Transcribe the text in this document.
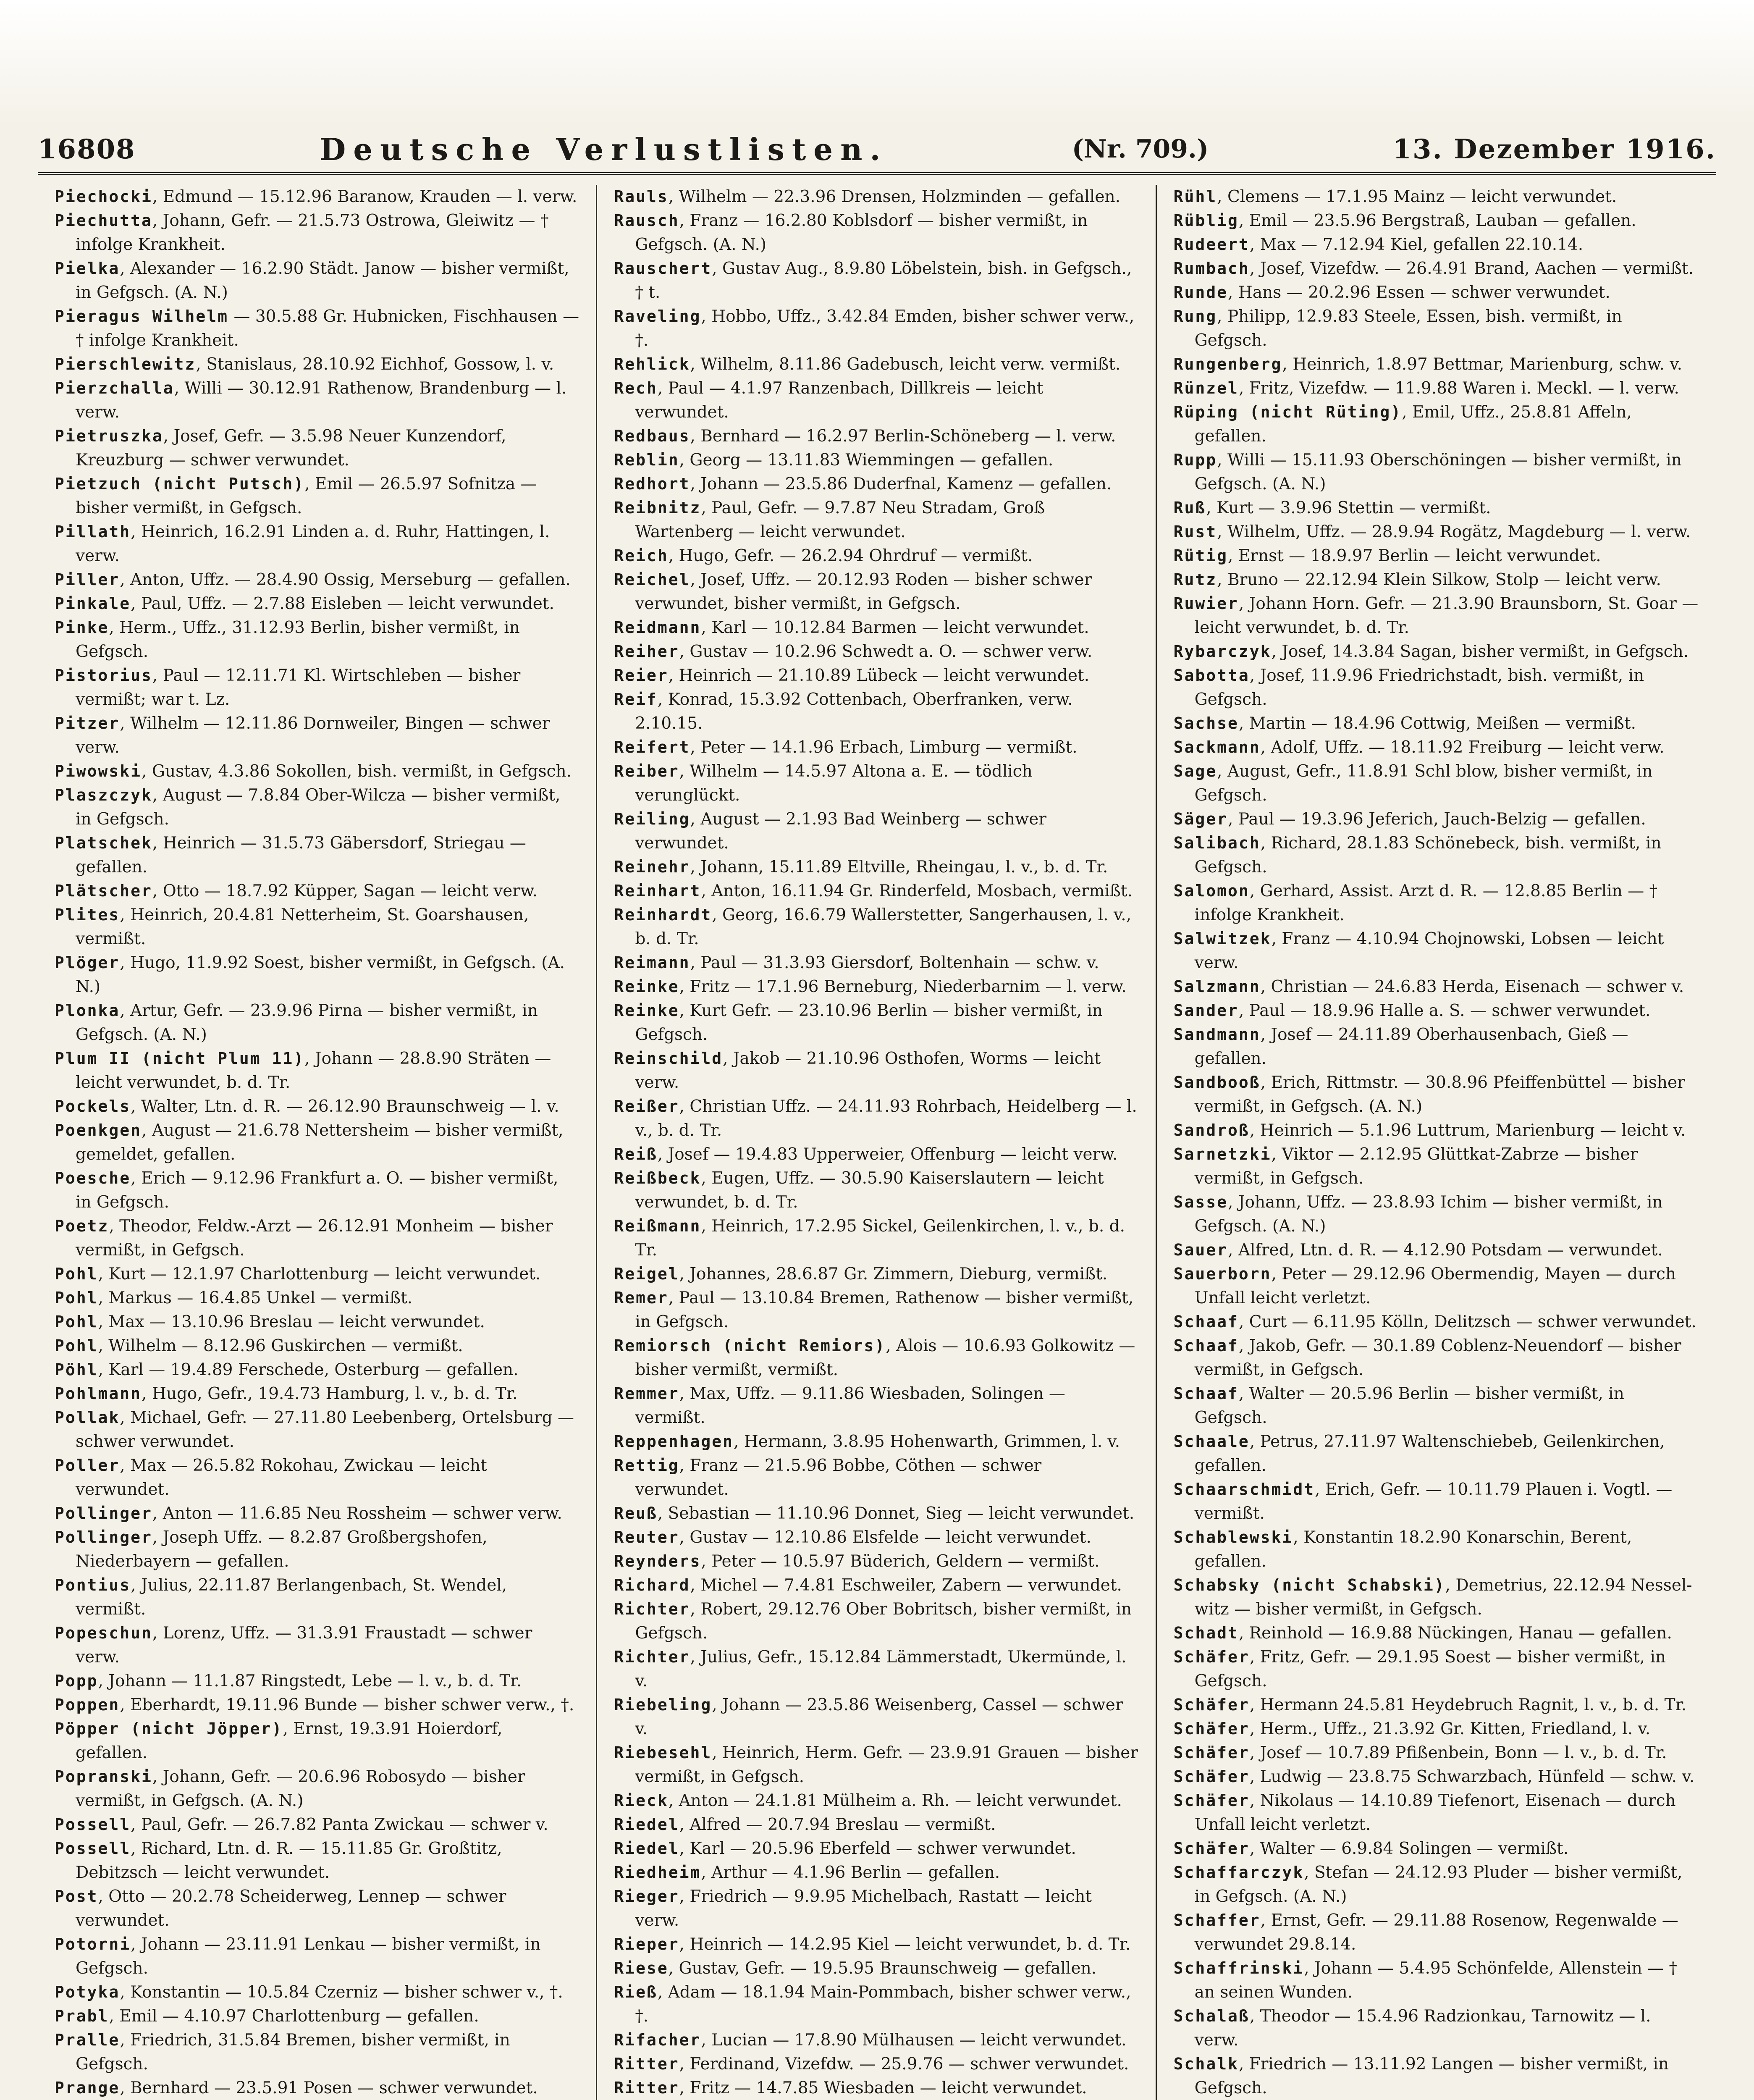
16808	Deutsche Verlustlisten.	(Nr. 709.)	13. Dezember 1916.

Piechocki, Edmund — 15.12.96 Baranow, Krauden — l. verw.

Piechutta, Johann, Gefr. — 21.5.73 Ostrowa, Gleiwitz — † infolge Krankheit.

Pielka, Alexander — 16.2.90 Städt. Janow — bisher vermißt, in Gefgsch. (A. N.)

Pieragus Wilhelm — 30.5.88 Gr. Hubnicken, Fischhausen — † infolge Krankheit.

Pierschlewitz, Stanislaus, 28.10.92 Eichhof, Gossow, l. v.

Pierzchalla, Willi — 30.12.91 Rathenow, Brandenburg — l. verw.

Pietruszka, Josef, Gefr. — 3.5.98 Neuer Kunzendorf, Kreuzburg — schwer verwundet.

Pietzuch (nicht Putsch), Emil — 26.5.97 Sofnitza — bisher vermißt, in Gefgsch.

Pillath, Heinrich, 16.2.91 Linden a. d. Ruhr, Hattingen, l. verw.

Piller, Anton, Uffz. — 28.4.90 Ossig, Merseburg — gefallen.

Pinkale, Paul, Uffz. — 2.7.88 Eisleben — leicht verwundet.

Pinke, Herm., Uffz., 31.12.93 Berlin, bisher vermißt, in Gefgsch.

Pistorius, Paul — 12.11.71 Kl. Wirtschleben — bisher vermißt; war t. Lz.

Pitzer, Wilhelm — 12.11.86 Dornweiler, Bingen — schwer verw.

Piwowski, Gustav, 4.3.86 Sokollen, bish. vermißt, in Gefgsch.

Plaszczyk, August — 7.8.84 Ober-Wilcza — bisher vermißt, in Gefgsch.

Platschek, Heinrich — 31.5.73 Gäbersdorf, Striegau — gefallen.

Plätscher, Otto — 18.7.92 Küpper, Sagan — leicht verw.

Plites, Heinrich, 20.4.81 Netterheim, St. Goarshausen, vermißt.

Plöger, Hugo, 11.9.92 Soest, bisher vermißt, in Gefgsch. (A. N.)

Plonka, Artur, Gefr. — 23.9.96 Pirna — bisher vermißt, in Gefgsch. (A. N.)

Plum II (nicht Plum 11), Johann — 28.8.90 Sträten — leicht verwundet, b. d. Tr.

Pockels, Walter, Ltn. d. R. — 26.12.90 Braunschweig — l. v.

Poenkgen, August — 21.6.78 Nettersheim — bisher vermißt, gemeldet, gefallen.

Poesche, Erich — 9.12.96 Frankfurt a. O. — bisher vermißt, in Gefgsch.

Poetz, Theodor, Feldw.-Arzt — 26.12.91 Monheim — bisher vermißt, in Gefgsch.

Pohl, Kurt — 12.1.97 Charlottenburg — leicht verwundet.

Pohl, Markus — 16.4.85 Unkel — vermißt.

Pohl, Max — 13.10.96 Breslau — leicht verwundet.

Pohl, Wilhelm — 8.12.96 Guskirchen — vermißt.

Pöhl, Karl — 19.4.89 Ferschede, Osterburg — gefallen.

Pohlmann, Hugo, Gefr., 19.4.73 Hamburg, l. v., b. d. Tr.

Pollak, Michael, Gefr. — 27.11.80 Leebenberg, Ortelsburg — schwer verwundet.

Poller, Max — 26.5.82 Rokohau, Zwickau — leicht verwundet.

Pollinger, Anton — 11.6.85 Neu Rossheim — schwer verw.

Pollinger, Joseph Uffz. — 8.2.87 Großbergshofen, Niederbayern — gefallen.

Pontius, Julius, 22.11.87 Berlangenbach, St. Wendel, vermißt.

Popeschun, Lorenz, Uffz. — 31.3.91 Fraustadt — schwer verw.

Popp, Johann — 11.1.87 Ringstedt, Lebe — l. v., b. d. Tr.

Poppen, Eberhardt, 19.11.96 Bunde — bisher schwer verw., †.

Pöpper (nicht Jöpper), Ernst, 19.3.91 Hoierdorf, gefallen.

Popranski, Johann, Gefr. — 20.6.96 Robosydo — bisher vermißt, in Gefgsch. (A. N.)

Possell, Paul, Gefr. — 26.7.82 Panta Zwickau — schwer v.

Possell, Richard, Ltn. d. R. — 15.11.85 Gr. Großtitz, Debitzsch — leicht verwundet.

Post, Otto — 20.2.78 Scheiderweg, Lennep — schwer verwundet.

Potorni, Johann — 23.11.91 Lenkau — bisher vermißt, in Gefgsch.

Potyka, Konstantin — 10.5.84 Czerniz — bisher schwer v., †.

Prabl, Emil — 4.10.97 Charlottenburg — gefallen.

Pralle, Friedrich, 31.5.84 Bremen, bisher vermißt, in Gefgsch.

Prange, Bernhard — 23.5.91 Posen — schwer verwundet.

Rauls, Wilhelm — 22.3.96 Drensen, Holzminden — gefallen.

Rausch, Franz — 16.2.80 Koblsdorf — bisher vermißt, in Gefgsch. (A. N.)

Rauschert, Gustav Aug., 8.9.80 Löbelstein, bish. in Gefgsch., † t.

Raveling, Hobbo, Uffz., 3.42.84 Emden, bisher schwer verw., †.

Rehlick, Wilhelm, 8.11.86 Gadebusch, leicht verw. vermißt.

Rech, Paul — 4.1.97 Ranzenbach, Dillkreis — leicht verwundet.

Redbaus, Bernhard — 16.2.97 Berlin-Schöneberg — l. verw.

Reblin, Georg — 13.11.83 Wiemmingen — gefallen.

Redhort, Johann — 23.5.86 Duderfnal, Kamenz — gefallen.

Reibnitz, Paul, Gefr. — 9.7.87 Neu Stradam, Groß Wartenberg — leicht verwundet.

Reich, Hugo, Gefr. — 26.2.94 Ohrdruf — vermißt.

Reichel, Josef, Uffz. — 20.12.93 Roden — bisher schwer verwundet, bisher vermißt, in Gefgsch.

Reidmann, Karl — 10.12.84 Barmen — leicht verwundet.

Reiher, Gustav — 10.2.96 Schwedt a. O. — schwer verw.

Reier, Heinrich — 21.10.89 Lübeck — leicht verwundet.

Reif, Konrad, 15.3.92 Cottenbach, Oberfranken, verw. 2.10.15.

Reifert, Peter — 14.1.96 Erbach, Limburg — vermißt.

Reiber, Wilhelm — 14.5.97 Altona a. E. — tödlich verunglückt.

Reiling, August — 2.1.93 Bad Weinberg — schwer verwundet.

Reinehr, Johann, 15.11.89 Eltville, Rheingau, l. v., b. d. Tr.

Reinhart, Anton, 16.11.94 Gr. Rinderfeld, Mosbach, vermißt.

Reinhardt, Georg, 16.6.79 Wallerstetter, Sangerhausen, l. v., b. d. Tr.

Reimann, Paul — 31.3.93 Giersdorf, Boltenhain — schw. v.

Reinke, Fritz — 17.1.96 Berneburg, Niederbarnim — l. verw.

Reinke, Kurt Gefr. — 23.10.96 Berlin — bisher vermißt, in Gefgsch.

Reinschild, Jakob — 21.10.96 Osthofen, Worms — leicht verw.

Reißer, Christian Uffz. — 24.11.93 Rohrbach, Heidelberg — l. v., b. d. Tr.

Reiß, Josef — 19.4.83 Upperweier, Offenburg — leicht verw.

Reißbeck, Eugen, Uffz. — 30.5.90 Kaiserslautern — leicht verwundet, b. d. Tr.

Reißmann, Heinrich, 17.2.95 Sickel, Geilenkirchen, l. v., b. d. Tr.

Reigel, Johannes, 28.6.87 Gr. Zimmern, Dieburg, vermißt.

Remer, Paul — 13.10.84 Bremen, Rathenow — bisher vermißt, in Gefgsch.

Remiorsch (nicht Remiors), Alois — 10.6.93 Golkowitz — bisher vermißt, vermißt.

Remmer, Max, Uffz. — 9.11.86 Wiesbaden, Solingen — vermißt.

Reppenhagen, Hermann, 3.8.95 Hohenwarth, Grimmen, l. v.

Rettig, Franz — 21.5.96 Bobbe, Cöthen — schwer verwundet.

Reuß, Sebastian — 11.10.96 Donnet, Sieg — leicht verwundet.

Reuter, Gustav — 12.10.86 Elsfelde — leicht verwundet.

Reynders, Peter — 10.5.97 Büderich, Geldern — vermißt.

Richard, Michel — 7.4.81 Eschweiler, Zabern — verwundet.

Richter, Robert, 29.12.76 Ober Bobritsch, bisher vermißt, in Gefgsch.

Richter, Julius, Gefr., 15.12.84 Lämmerstadt, Ukermünde, l. v.

Riebeling, Johann — 23.5.86 Weisenberg, Cassel — schwer v.

Riebesehl, Heinrich, Herm. Gefr. — 23.9.91 Grauen — bisher vermißt, in Gefgsch.

Rieck, Anton — 24.1.81 Mülheim a. Rh. — leicht verwundet.

Riedel, Alfred — 20.7.94 Breslau — vermißt.

Riedel, Karl — 20.5.96 Eberfeld — schwer verwundet.

Riedheim, Arthur — 4.1.96 Berlin — gefallen.

Rieger, Friedrich — 9.9.95 Michelbach, Rastatt — leicht verw.

Rieper, Heinrich — 14.2.95 Kiel — leicht verwundet, b. d. Tr.

Riese, Gustav, Gefr. — 19.5.95 Braunschweig — gefallen.

Rieß, Adam — 18.1.94 Main-Pommbach, bisher schwer verw., †.

Rifacher, Lucian — 17.8.90 Mülhausen — leicht verwundet.

Ritter, Ferdinand, Vizefdw. — 25.9.76 — schwer verwundet.

Ritter, Fritz — 14.7.85 Wiesbaden — leicht verwundet.

Rühl, Clemens — 17.1.95 Mainz — leicht verwundet.

Rüblig, Emil — 23.5.96 Bergstraß, Lauban — gefallen.

Rudeert, Max — 7.12.94 Kiel, gefallen 22.10.14.

Rumbach, Josef, Vizefdw. — 26.4.91 Brand, Aachen — vermißt.

Runde, Hans — 20.2.96 Essen — schwer verwundet.

Rung, Philipp, 12.9.83 Steele, Essen, bish. vermißt, in Gefgsch.

Rungenberg, Heinrich, 1.8.97 Bettmar, Marienburg, schw. v.

Rünzel, Fritz, Vizefdw. — 11.9.88 Waren i. Meckl. — l. verw.

Rüping (nicht Rüting), Emil, Uffz., 25.8.81 Affeln, gefallen.

Rupp, Willi — 15.11.93 Oberschöningen — bisher vermißt, in Gefgsch. (A. N.)

Ruß, Kurt — 3.9.96 Stettin — vermißt.

Rust, Wilhelm, Uffz. — 28.9.94 Rogätz, Magdeburg — l. verw.

Rütig, Ernst — 18.9.97 Berlin — leicht verwundet.

Rutz, Bruno — 22.12.94 Klein Silkow, Stolp — leicht verw.

Ruwier, Johann Horn. Gefr. — 21.3.90 Braunsborn, St. Goar — leicht verwundet, b. d. Tr.

Rybarczyk, Josef, 14.3.84 Sagan, bisher vermißt, in Gefgsch.

Sabotta, Josef, 11.9.96 Friedrichstadt, bish. vermißt, in Gefgsch.

Sachse, Martin — 18.4.96 Cottwig, Meißen — vermißt.

Sackmann, Adolf, Uffz. — 18.11.92 Freiburg — leicht verw.

Sage, August, Gefr., 11.8.91 Schl blow, bisher vermißt, in Gefgsch.

Säger, Paul — 19.3.96 Jeferich, Jauch-Belzig — gefallen.

Salibach, Richard, 28.1.83 Schönebeck, bish. vermißt, in Gefgsch.

Salomon, Gerhard, Assist. Arzt d. R. — 12.8.85 Berlin — † infolge Krankheit.

Salwitzek, Franz — 4.10.94 Chojnowski, Lobsen — leicht verw.

Salzmann, Christian — 24.6.83 Herda, Eisenach — schwer v.

Sander, Paul — 18.9.96 Halle a. S. — schwer verwundet.

Sandmann, Josef — 24.11.89 Oberhausenbach, Gieß — gefallen.

Sandbooß, Erich, Rittmstr. — 30.8.96 Pfeiffenbüttel — bisher vermißt, in Gefgsch. (A. N.)

Sandroß, Heinrich — 5.1.96 Luttrum, Marienburg — leicht v.

Sarnetzki, Viktor — 2.12.95 Glüttkat-Zabrze — bisher vermißt, in Gefgsch.

Sasse, Johann, Uffz. — 23.8.93 Ichim — bisher vermißt, in Gefgsch. (A. N.)

Sauer, Alfred, Ltn. d. R. — 4.12.90 Potsdam — verwundet.

Sauerborn, Peter — 29.12.96 Obermendig, Mayen — durch Unfall leicht verletzt.

Schaaf, Curt — 6.11.95 Kölln, Delitzsch — schwer verwundet.

Schaaf, Jakob, Gefr. — 30.1.89 Coblenz-Neuendorf — bisher vermißt, in Gefgsch.

Schaaf, Walter — 20.5.96 Berlin — bisher vermißt, in Gefgsch.

Schaale, Petrus, 27.11.97 Waltenschiebeb, Geilenkirchen, gefallen.

Schaarschmidt, Erich, Gefr. — 10.11.79 Plauen i. Vogtl. — vermißt.

Schablewski, Konstantin 18.2.90 Konarschin, Berent, gefallen.

Schabsky (nicht Schabski), Demetrius, 22.12.94 Nessel- witz — bisher vermißt, in Gefgsch.

Schadt, Reinhold — 16.9.88 Nückingen, Hanau — gefallen.

Schäfer, Fritz, Gefr. — 29.1.95 Soest — bisher vermißt, in Gefgsch.

Schäfer, Hermann 24.5.81 Heydebruch Ragnit, l. v., b. d. Tr.

Schäfer, Herm., Uffz., 21.3.92 Gr. Kitten, Friedland, l. v.

Schäfer, Josef — 10.7.89 Pfißenbein, Bonn — l. v., b. d. Tr.

Schäfer, Ludwig — 23.8.75 Schwarzbach, Hünfeld — schw. v.

Schäfer, Nikolaus — 14.10.89 Tiefenort, Eisenach — durch Unfall leicht verletzt.

Schäfer, Walter — 6.9.84 Solingen — vermißt.

Schaffarczyk, Stefan — 24.12.93 Pluder — bisher vermißt, in Gefgsch. (A. N.)

Schaffer, Ernst, Gefr. — 29.11.88 Rosenow, Regenwalde — verwundet 29.8.14.

Schaffrinski, Johann — 5.4.95 Schönfelde, Allenstein — † an seinen Wunden.

Schalaß, Theodor — 15.4.96 Radzionkau, Tarnowitz — l. verw.

Schalk, Friedrich — 13.11.92 Langen — bisher vermißt, in Gefgsch.
